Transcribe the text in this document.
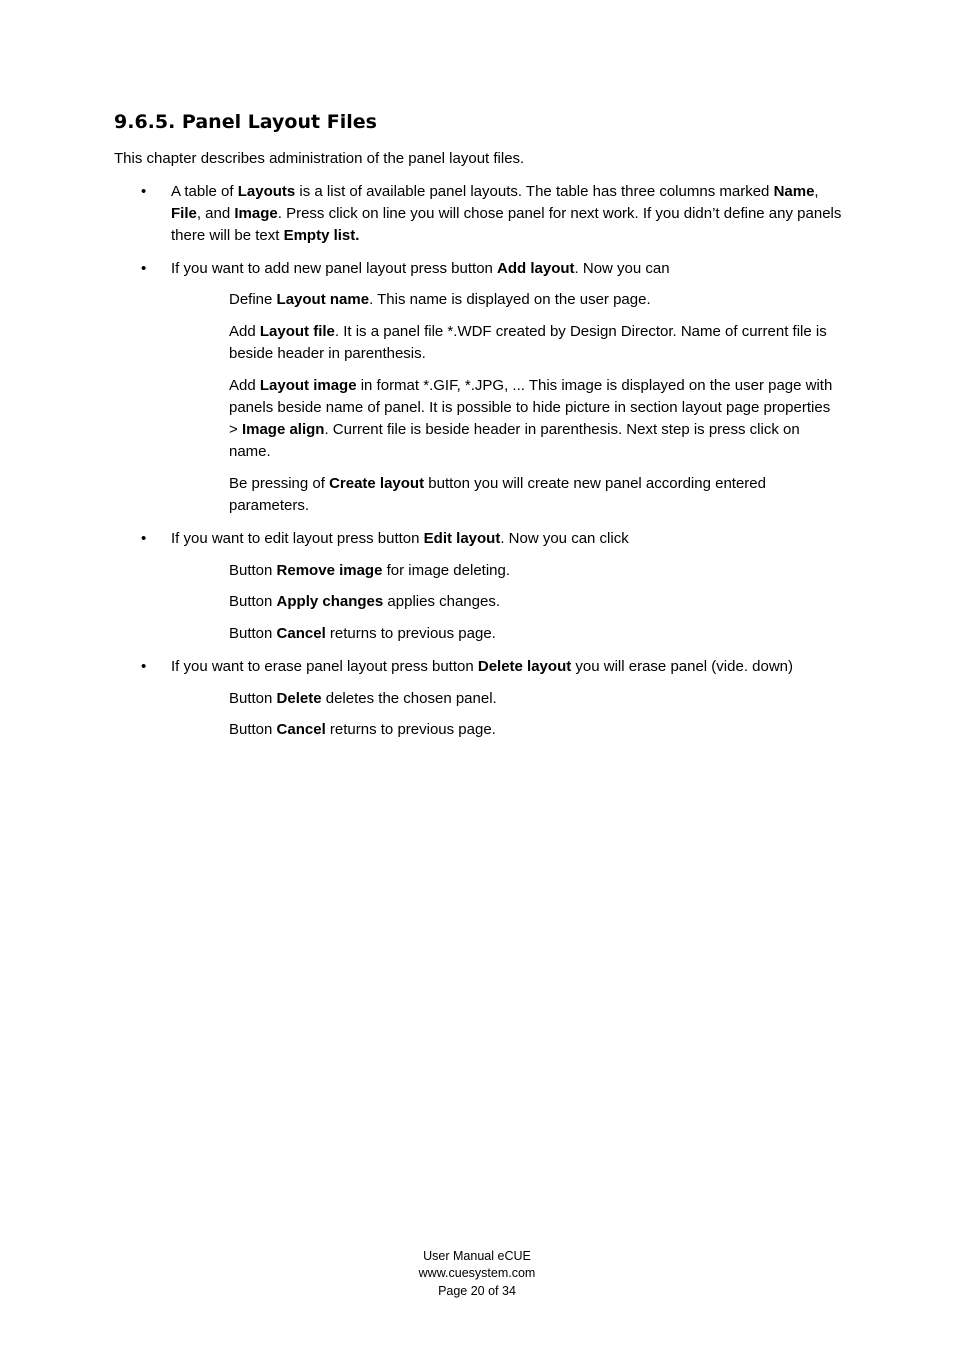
9.6.5. Panel Layout Files

This chapter describes administration of the panel layout files.

• A table of Layouts is a list of available panel layouts. The table has three columns marked Name, File, and Image. Press click on line you will chose panel for next work. If you didn’t define any panels there will be text Empty list.

• If you want to add new panel layout press button Add layout. Now you can

Define Layout name. This name is displayed on the user page.

Add Layout file. It is a panel file *.WDF created by Design Director. Name of current file is beside header in parenthesis.

Add Layout image in format *.GIF, *.JPG, ... This image is displayed on the user page with panels beside name of panel. It is possible to hide picture in section layout page properties > Image align. Current file is beside header in parenthesis. Next step is press click on name.

Be pressing of Create layout button you will create new panel according entered parameters.

• If you want to edit layout press button Edit layout. Now you can click

Button Remove image for image deleting.

Button Apply changes applies changes.

Button Cancel returns to previous page.

• If you want to erase panel layout press button Delete layout you will erase panel (vide. down)

Button Delete deletes the chosen panel.

Button Cancel returns to previous page.

User Manual eCUE
www.cuesystem.com
Page 20 of 34
